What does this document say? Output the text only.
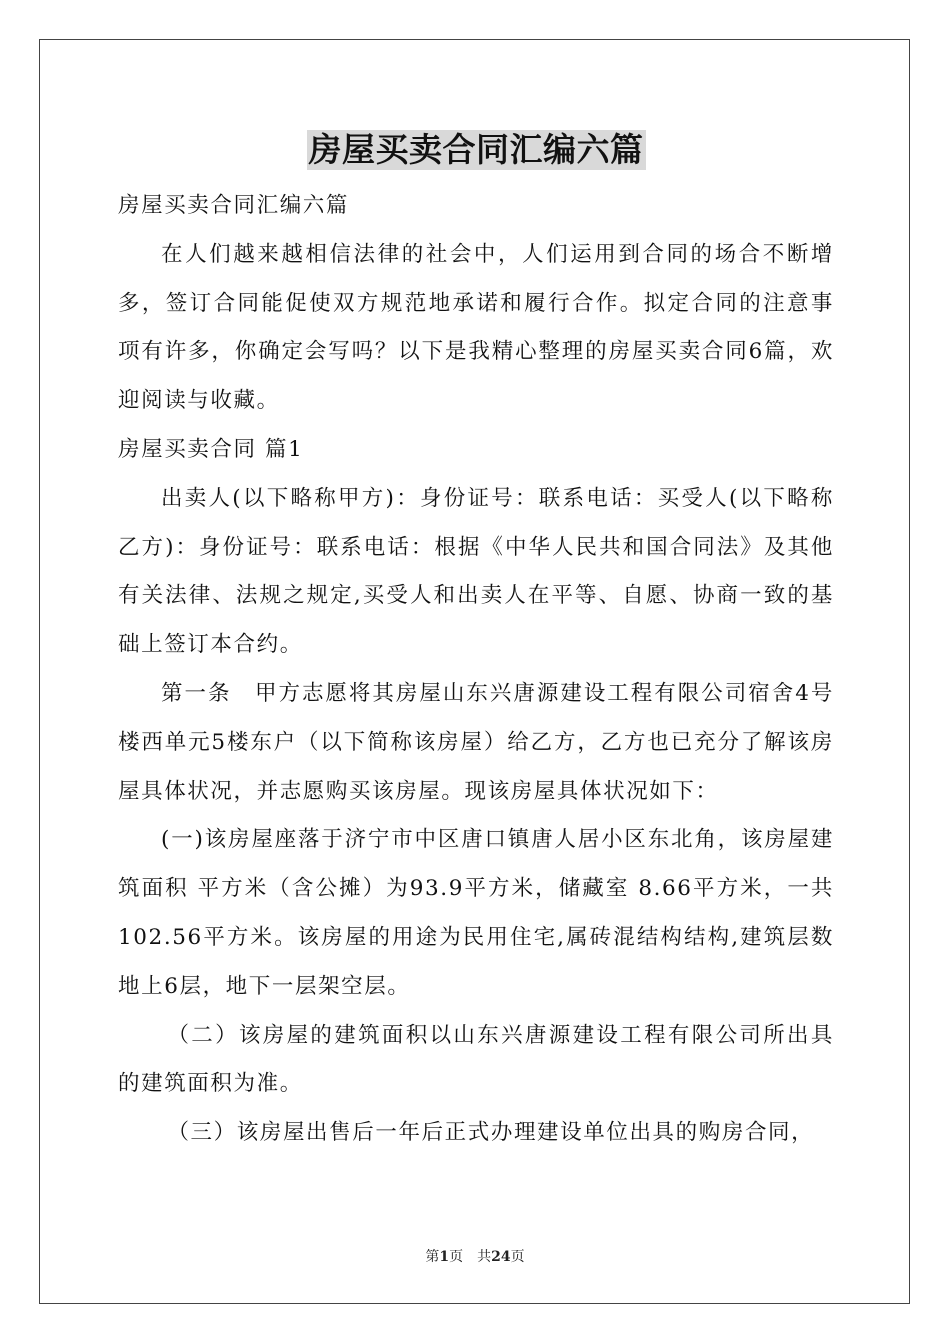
房屋买卖合同汇编六篇

房屋买卖合同汇编六篇

在人们越来越相信法律的社会中，人们运用到合同的场合不断增多，签订合同能促使双方规范地承诺和履行合作。拟定合同的注意事项有许多，你确定会写吗？以下是我精心整理的房屋买卖合同6篇，欢迎阅读与收藏。

房屋买卖合同 篇1

出卖人(以下略称甲方)：身份证号：联系电话：买受人(以下略称乙方)：身份证号：联系电话：根据《中华人民共和国合同法》及其他有关法律、法规之规定,买受人和出卖人在平等、自愿、协商一致的基础上签订本合约。

第一条　甲方志愿将其房屋山东兴唐源建设工程有限公司宿舍4号楼西单元5楼东户（以下简称该房屋）给乙方，乙方也已充分了解该房屋具体状况，并志愿购买该房屋。现该房屋具体状况如下：

(一)该房屋座落于济宁市中区唐口镇唐人居小区东北角，该房屋建筑面积 平方米（含公摊）为93.9平方米，储藏室 8.66平方米，一共 102.56平方米。该房屋的用途为民用住宅,属砖混结构结构,建筑层数地上6层，地下一层架空层。

（二）该房屋的建筑面积以山东兴唐源建设工程有限公司所出具的建筑面积为准。

（三）该房屋出售后一年后正式办理建设单位出具的购房合同，

第1页　共24页
